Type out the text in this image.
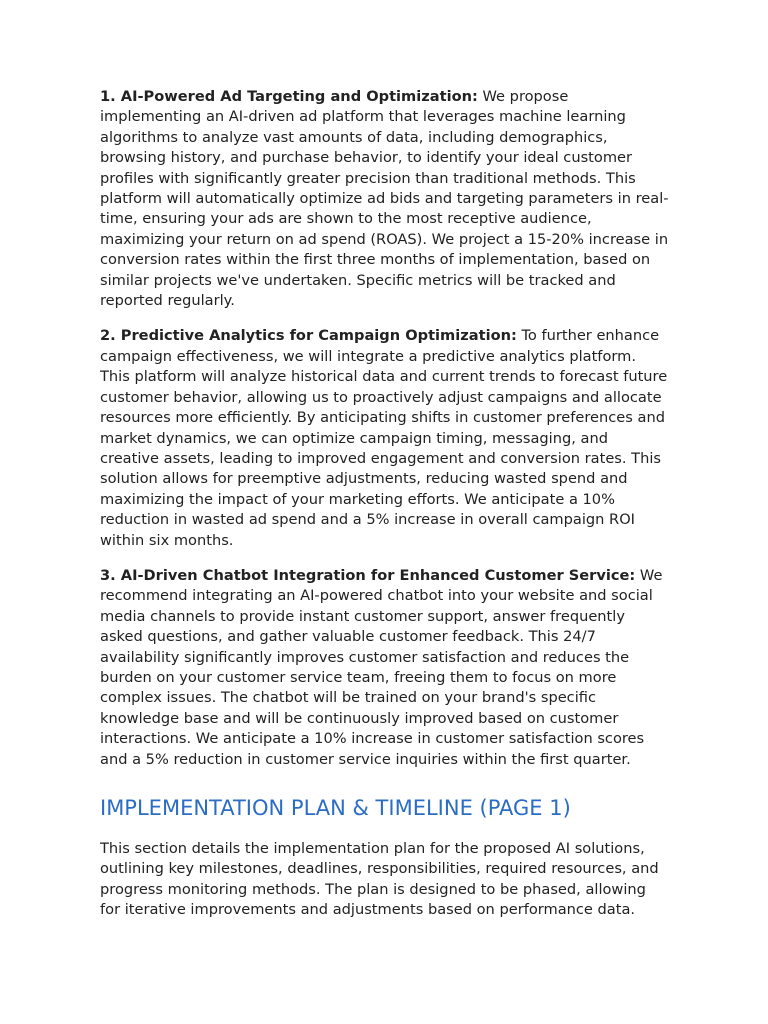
1. AI-Powered Ad Targeting and Optimization: We propose implementing an AI-driven ad platform that leverages machine learning algorithms to analyze vast amounts of data, including demographics, browsing history, and purchase behavior, to identify your ideal customer profiles with significantly greater precision than traditional methods. This platform will automatically optimize ad bids and targeting parameters in real-time, ensuring your ads are shown to the most receptive audience, maximizing your return on ad spend (ROAS). We project a 15-20% increase in conversion rates within the first three months of implementation, based on similar projects we've undertaken. Specific metrics will be tracked and reported regularly.

2. Predictive Analytics for Campaign Optimization: To further enhance campaign effectiveness, we will integrate a predictive analytics platform. This platform will analyze historical data and current trends to forecast future customer behavior, allowing us to proactively adjust campaigns and allocate resources more efficiently. By anticipating shifts in customer preferences and market dynamics, we can optimize campaign timing, messaging, and creative assets, leading to improved engagement and conversion rates. This solution allows for preemptive adjustments, reducing wasted spend and maximizing the impact of your marketing efforts. We anticipate a 10% reduction in wasted ad spend and a 5% increase in overall campaign ROI within six months.

3. AI-Driven Chatbot Integration for Enhanced Customer Service: We recommend integrating an AI-powered chatbot into your website and social media channels to provide instant customer support, answer frequently asked questions, and gather valuable customer feedback. This 24/7 availability significantly improves customer satisfaction and reduces the burden on your customer service team, freeing them to focus on more complex issues. The chatbot will be trained on your brand's specific knowledge base and will be continuously improved based on customer interactions. We anticipate a 10% increase in customer satisfaction scores and a 5% reduction in customer service inquiries within the first quarter.

IMPLEMENTATION PLAN & TIMELINE (PAGE 1)

This section details the implementation plan for the proposed AI solutions, outlining key milestones, deadlines, responsibilities, required resources, and progress monitoring methods. The plan is designed to be phased, allowing for iterative improvements and adjustments based on performance data.
